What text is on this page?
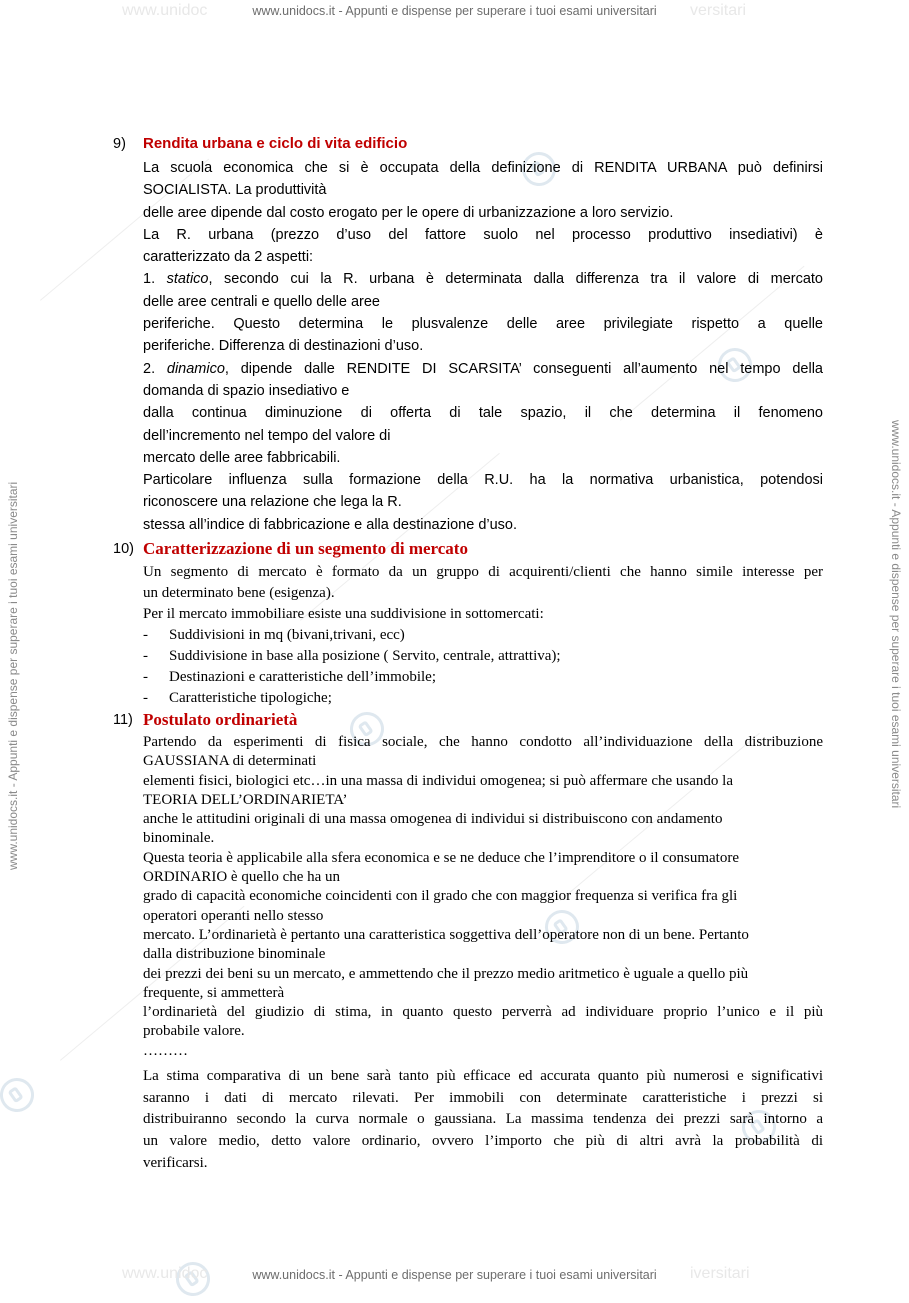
www.unidoc	versitari
www.unidocs.it - Appunti e dispense per superare i tuoi esami universitari
www.unidoc	iversitari
www.unidocs.it - Appunti e dispense per superare i tuoi esami universitari
www.unidocs.it - Appunti e dispense per superare i tuoi esami universitari	www.unidocs.it - Appunti e dispense per superare i tuoi esami universitari
9) Rendita urbana e ciclo di vita edificio
La scuola economica che si è occupata della definizione di RENDITA URBANA può definirsi
SOCIALISTA. La produttività
delle aree dipende dal costo erogato per le opere di urbanizzazione a loro servizio.
La R. urbana (prezzo d’uso del fattore suolo nel processo produttivo insediativi) è
caratterizzato da 2 aspetti:
1. statico, secondo cui la R. urbana è determinata dalla differenza tra il valore di mercato
delle aree centrali e quello delle aree
periferiche. Questo determina le plusvalenze delle aree privilegiate rispetto a quelle
periferiche. Differenza di destinazioni d’uso.
2. dinamico, dipende dalle RENDITE DI SCARSITA’ conseguenti all’aumento nel tempo della
domanda di spazio insediativo e
dalla continua diminuzione di offerta di tale spazio, il che determina il fenomeno
dell’incremento nel tempo del valore di
mercato delle aree fabbricabili.
Particolare influenza sulla formazione della R.U. ha la normativa urbanistica, potendosi
riconoscere una relazione che lega la R.
stessa all’indice di fabbricazione e alla destinazione d’uso.
10) Caratterizzazione di un segmento di mercato
Un segmento di mercato è formato da un gruppo di acquirenti/clienti che hanno simile interesse per
un determinato bene (esigenza).
Per il mercato immobiliare esiste una suddivisione in sottomercati:
-	Suddivisioni in mq (bivani,trivani, ecc)
-	Suddivisione in base alla posizione ( Servito, centrale, attrattiva);
-	Destinazioni e caratteristiche dell’immobile;
-	Caratteristiche tipologiche;
11) Postulato ordinarietà
Partendo da esperimenti di fisica sociale, che hanno condotto all’individuazione della distribuzione
GAUSSIANA di determinati
elementi fisici, biologici etc…in una massa di individui omogenea; si può affermare che usando la
TEORIA DELL’ORDINARIETA’
anche le attitudini originali di una massa omogenea di individui si distribuiscono con andamento
binominale.
Questa teoria è applicabile alla sfera economica e se ne deduce che l’imprenditore o il consumatore
ORDINARIO è quello che ha un
grado di capacità economiche coincidenti con il grado che con maggior frequenza si verifica fra gli
operatori operanti nello stesso
mercato. L’ordinarietà è pertanto una caratteristica soggettiva dell’operatore non di un bene. Pertanto
dalla distribuzione binominale
dei prezzi dei beni su un mercato, e ammettendo che il prezzo medio aritmetico è uguale a quello più
frequente, si ammetterà
l’ordinarietà del giudizio di stima, in quanto questo perverrà ad individuare proprio l’unico e il più
probabile valore.
………
La stima comparativa di un bene sarà tanto più efficace ed accurata quanto più numerosi e significativi
saranno i dati di mercato rilevati. Per immobili con determinate caratteristiche i prezzi si
distribuiranno secondo la curva normale o gaussiana. La massima tendenza dei prezzi sarà intorno a
un valore medio, detto valore ordinario, ovvero l’importo che più di altri avrà la probabilità di
verificarsi.
